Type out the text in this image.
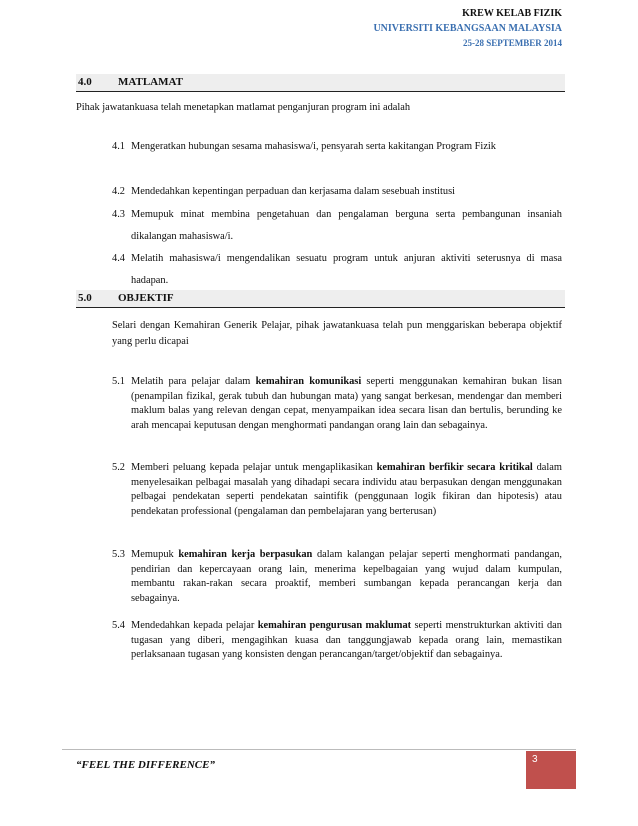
KREW KELAB FIZIK
UNIVERSITI KEBANGSAAN MALAYSIA
25-28 SEPTEMBER 2014
4.0 MATLAMAT
Pihak jawatankuasa telah menetapkan matlamat penganjuran program ini adalah
4.1 Mengeratkan hubungan sesama mahasiswa/i, pensyarah serta kakitangan Program Fizik
4.2 Mendedahkan kepentingan perpaduan dan kerjasama dalam sesebuah institusi
4.3 Memupuk minat membina pengetahuan dan pengalaman berguna serta pembangunan insaniah dikalangan mahasiswa/i.
4.4 Melatih mahasiswa/i mengendalikan sesuatu program untuk anjuran aktiviti seterusnya di masa hadapan.
5.0 OBJEKTIF
Selari dengan Kemahiran Generik Pelajar, pihak jawatankuasa telah pun menggariskan beberapa objektif yang perlu dicapai
5.1 Melatih para pelajar dalam kemahiran komunikasi seperti menggunakan kemahiran bukan lisan (penampilan fizikal, gerak tubuh dan hubungan mata) yang sangat berkesan, mendengar dan memberi maklum balas yang relevan dengan cepat, menyampaikan idea secara lisan dan bertulis, berunding ke arah mencapai keputusan dengan menghormati pandangan orang lain dan sebagainya.
5.2 Memberi peluang kepada pelajar untuk mengaplikasikan kemahiran berfikir secara kritikal dalam menyelesaikan pelbagai masalah yang dihadapi secara individu atau berpasukan dengan menggunakan pelbagai pendekatan seperti pendekatan saintifik (penggunaan logik fikiran dan hipotesis) atau pendekatan professional (pengalaman dan pembelajaran yang berterusan)
5.3 Memupuk kemahiran kerja berpasukan dalam kalangan pelajar seperti menghormati pandangan, pendirian dan kepercayaan orang lain, menerima kepelbagaian yang wujud dalam kumpulan, membantu rakan-rakan secara proaktif, memberi sumbangan kepada perancangan kerja dan sebagainya.
5.4 Mendedahkan kepada pelajar kemahiran pengurusan maklumat seperti menstrukturkan aktiviti dan tugasan yang diberi, mengagihkan kuasa dan tanggungjawab kepada orang lain, memastikan perlaksanaan tugasan yang konsisten dengan perancangan/target/objektif dan sebagainya.
“FEEL THE DIFFERENCE”	3
